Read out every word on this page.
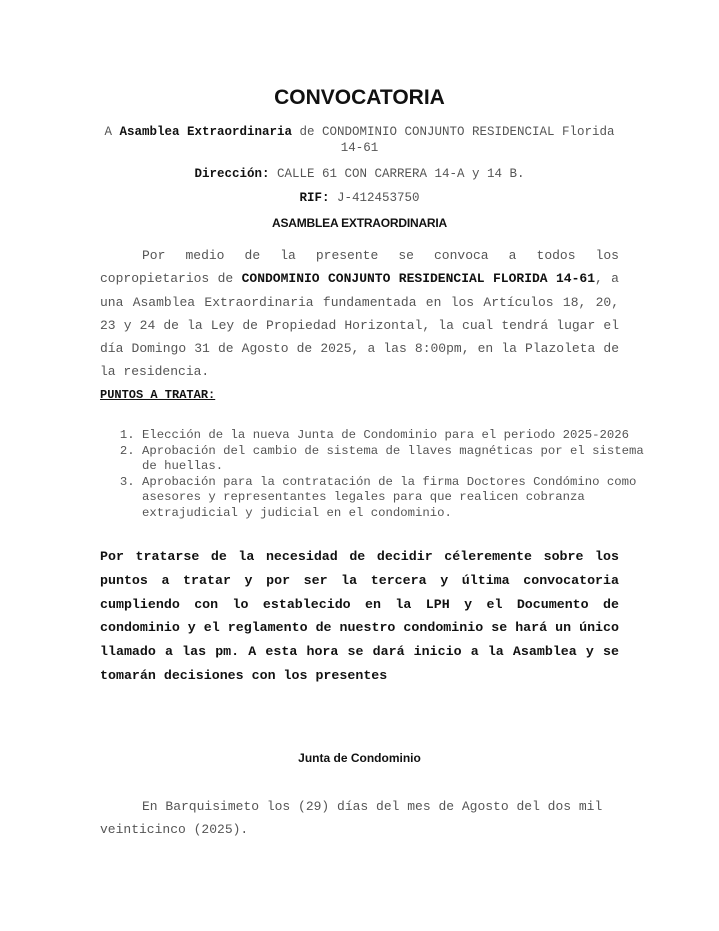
CONVOCATORIA
A Asamblea Extraordinaria de CONDOMINIO CONJUNTO RESIDENCIAL Florida 14-61
Dirección: CALLE 61 CON CARRERA 14-A y 14 B.
RIF: J-412453750
ASAMBLEA EXTRAORDINARIA
Por medio de la presente se convoca a todos los copropietarios de CONDOMINIO CONJUNTO RESIDENCIAL FLORIDA 14-61, a una Asamblea Extraordinaria fundamentada en los Artículos 18, 20, 23 y 24 de la Ley de Propiedad Horizontal, la cual tendrá lugar el día Domingo 31 de Agosto de 2025, a las 8:00pm, en la Plazoleta de la residencia.
PUNTOS A TRATAR:
1. Elección de la nueva Junta de Condominio para el periodo 2025-2026
2. Aprobación del cambio de sistema de llaves magnéticas por el sistema de huellas.
3. Aprobación para la contratación de la firma Doctores Condómino como asesores y representantes legales para que realicen cobranza extrajudicial y judicial en el condominio.
Por tratarse de la necesidad de decidir céleremente sobre los puntos a tratar y por ser la tercera y última convocatoria cumpliendo con lo establecido en la LPH y el Documento de condominio y el reglamento de nuestro condominio se hará un único llamado a las pm. A esta hora se dará inicio a la Asamblea y se tomarán decisiones con los presentes
Junta de Condominio
En Barquisimeto los (29) días del mes de Agosto del dos mil veinticinco (2025).
